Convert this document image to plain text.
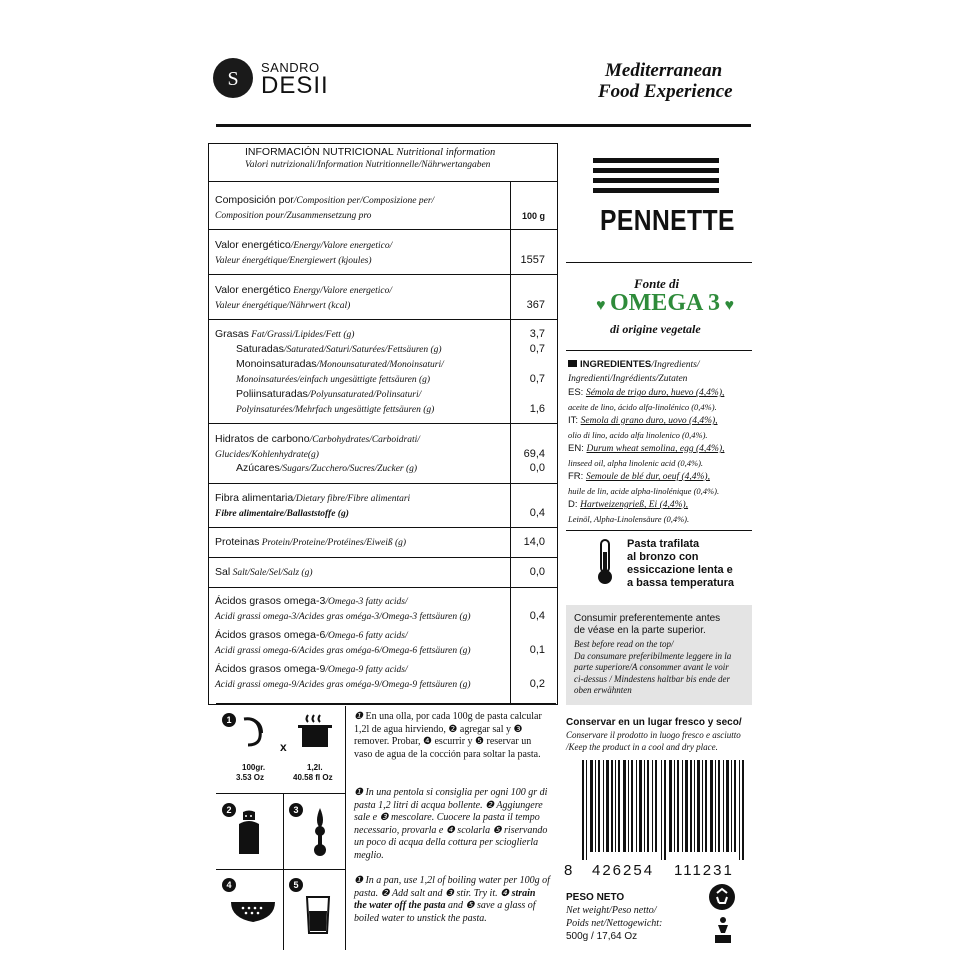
S
SANDRO
DESII
Mediterranean
Food Experience
INFORMACIÓN NUTRICIONAL Nutritional information
Valori nutrizionali/Information Nutritionnelle/Nährwertangaben
Composición por/Composition per/Composizione per/
Composition pour/Zusammensetzung pro	100 g
Valor energético/Energy/Valore energetico/
Valeur énergétique/Energiewert (kjoules)	1557
Valor energético Energy/Valore energetico/
Valeur énergétique/Nährwert (kcal)	367
Grasas Fat/Grassi/Lipides/Fett (g)	3,7
Saturadas/Saturated/Saturi/Saturées/Fettsäuren (g)	0,7
Monoinsaturadas/Monounsaturated/Monoinsaturi/
Monoinsaturées/einfach ungesättigte fettsäuren (g)	0,7
Poliinsaturadas/Polyunsaturated/Polinsaturi/
Polyinsaturées/Mehrfach ungesättigte fettsäuren (g)	1,6
Hidratos de carbono/Carbohydrates/Carboidrati/
Glucides/Kohlenhydrate(g)	69,4
Azúcares/Sugars/Zucchero/Sucres/Zucker (g)	0,0
Fibra alimentaria/Dietary fibre/Fibre alimentari
Fibre alimentaire/Ballaststoffe (g)	0,4
Proteinas Protein/Proteine/Protéines/Eiweiß (g)	14,0
Sal Salt/Sale/Sel/Salz (g)	0,0
Ácidos grasos omega-3/Omega-3 fatty acids/
Acidi grassi omega-3/Acides gras oméga-3/Omega-3 fettsäuren (g)	0,4
Ácidos grasos omega-6/Omega-6 fatty acids/
Acidi grassi omega-6/Acides gras oméga-6/Omega-6 fettsäuren (g)	0,1
Ácidos grasos omega-9/Omega-9 fatty acids/
Acidi grassi omega-9/Acides gras oméga-9/Omega-9 fettsäuren (g)	0,2
PENNETTE
Fonte di
♥ OMEGA 3 ♥
di origine vegetale
INGREDIENTES/Ingredients/
Ingredienti/Ingrédients/Zutaten
ES: Sémola de trigo duro, huevo (4,4%),
aceite de lino, ácido alfa-linolénico (0,4%).
IT: Semola di grano duro, uovo (4,4%),
olio di lino, acido alfa linolenico (0,4%).
EN: Durum wheat semolina, egg (4,4%),
linseed oil, alpha linolenic acid (0,4%).
FR: Semoule de blé dur, oeuf (4,4%),
huile de lin, acide alpha-linolénique (0,4%).
D: Hartweizengrieß, Ei (4,4%),
Leinöl, Alpha-Linolensäure (0,4%).
Pasta trafilata
al bronzo con
essiccazione lenta e
a bassa temperatura
Consumir preferentemente antes
de véase en la parte superior.
Best before read on the top/
Da consumare preferibilmente leggere in la
parte superiore/A consommer avant le voir
ci-dessus / Mindestens haltbar bis ende der
oben erwähnten
Conservar en un lugar fresco y seco/
Conservare il prodotto in luogo fresco e asciutto
/Keep the product in a cool and dry place.
8 426254 111231
PESO NETO
Net weight/Peso netto/
Poids net/Nettogewicht:
500g / 17,64 Oz
1
x
100gr.
3.53 Oz
1,2l.
40.58 fl Oz
2	3
4	5
❶ En una olla, por cada 100g de pasta calcular 1,2l de agua hirviendo, ❷ agregar sal y ❸ remover. Probar, ❹ escurrir y ❺ reservar un vaso de agua de la cocción para soltar la pasta.
❶ In una pentola si consiglia per ogni 100 gr di pasta 1,2 litri di acqua bollente. ❷ Aggiungere sale e ❸ mescolare. Cuocere la pasta il tempo necessario, provarla e ❹ scolarla ❺ riservando un poco di acqua della cottura per scioglierla meglio.
❶ In a pan, use 1,2l of boiling water per 100g of pasta. ❷ Add salt and ❸ stir. Try it. ❹ strain the water off the pasta and ❺ save a glass of boiled water to unstick the pasta.
